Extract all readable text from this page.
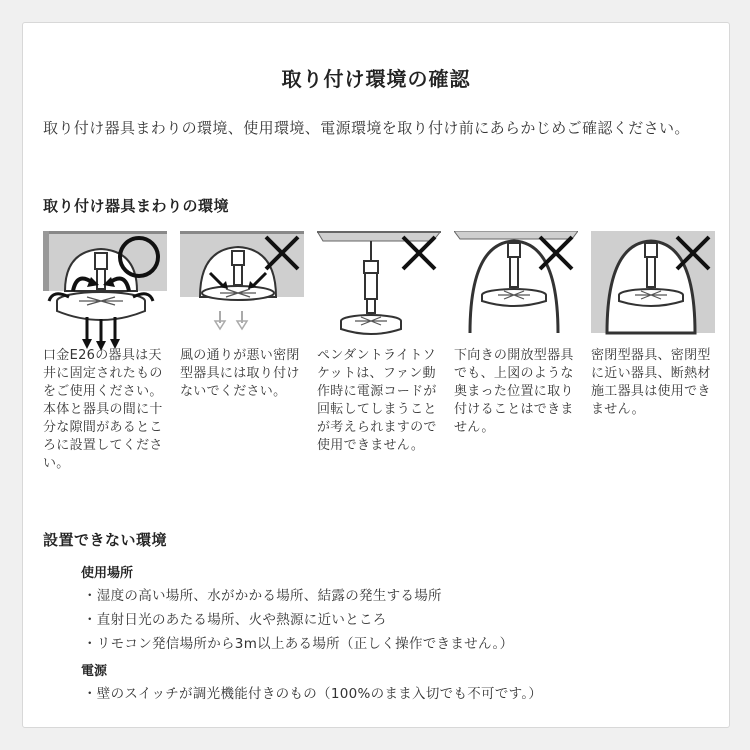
取り付け環境の確認
取り付け器具まわりの環境、使用環境、電源環境を取り付け前にあらかじめご確認ください。
取り付け器具まわりの環境
口金E26の器具は天井に固定されたものをご使用ください。
本体と器具の間に十分な隙間があるところに設置してください。
風の通りが悪い密閉型器具には取り付けないでください。
ペンダントライトソケットは、ファン動作時に電源コードが回転してしまうことが考えられますので使用できません。
下向きの開放型器具でも、上図のような奥まった位置に取り付けることはできません。
密閉型器具、密閉型に近い器具、断熱材施工器具は使用できません。
設置できない環境
使用場所
・湿度の高い場所、水がかかる場所、結露の発生する場所
・直射日光のあたる場所、火や熱源に近いところ
・リモコン発信場所から3m以上ある場所（正しく操作できません。）
電源
・壁のスイッチが調光機能付きのもの（100%のまま入切でも不可です。）
